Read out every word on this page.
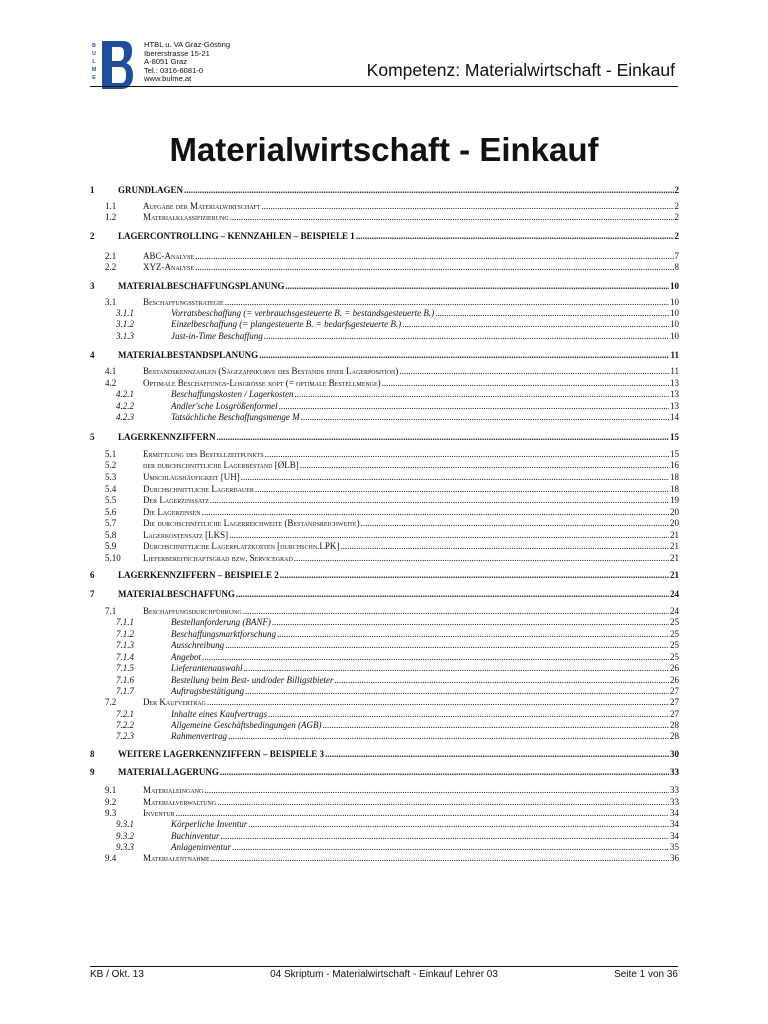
B
U
L
M
E
HTBL u. VA Graz-Gösting
Ibererstrasse 15-21
A-8051 Graz
Tel.: 0316-6081-0
www.bulme.at	Kompetenz: Materialwirtschaft - Einkauf
Materialwirtschaft - Einkauf
1	GRUNDLAGEN .....	2
1.1	Aufgabe der Materialwirtschaft .....	2
1.2	Materialklassifizierung .....	2
2	LAGERCONTROLLING – KENNZAHLEN – BEISPIELE 1 .....	2
2.1	ABC-Analyse .....	7
2.2	XYZ-Analyse .....	8
3	MATERIALBESCHAFFUNGSPLANUNG .....	10
3.1	Beschaffungsstrategie .....	10
3.1.1	Vorratsbeschaffung (= verbrauchsgesteuerte B. = bestandsgesteuerte B.) .....	10
3.1.2	Einzelbeschaffung (= plangesteuerte B. = bedarfsgesteuerte B.) .....	10
3.1.3	Just-in-Time Beschaffung .....	10
4	MATERIALBESTANDSPLANUNG .....	11
4.1	Bestandskennzahlen (Sägezahnkurve des Bestands einer Lagerposition) .....	11
4.2	Optimale Beschaffungs-Losgröße xopt (= optimale Bestellmenge) .....	13
4.2.1	Beschaffungskosten / Lagerkosten .....	13
4.2.2	Andler'sche Losgrößenformel .....	13
4.2.3	Tatsächliche Beschaffungsmenge M .....	14
5	LAGERKENNZIFFERN .....	15
5.1	Ermittlung des Bestellzeitpunkts .....	15
5.2	der durchschnittliche Lagerbestand [ØLB] .....	16
5.3	Umschlagshäufigkeit [UH] .....	18
5.4	Durchschnittliche Lagerdauer .....	18
5.5	Der Lagerzinssatz .....	19
5.6	Die Lagerzinsen .....	20
5.7	Die durchschnittliche Lagerreichweite (Bestandsreichweite) .....	20
5.8	Lagerkostensatz [LKS] .....	21
5.9	Durchschnittliche Lagerplatzkosten [durchschn.LPK] .....	21
5.10 Lieferbereitschaftsgrad bzw. Servicegrad .....	21
6	LAGERKENNZIFFERN – BEISPIELE 2 .....	21
7	MATERIALBESCHAFFUNG .....	24
7.1	Beschaffungsdurchführung .....	24
7.1.1	Bestellanforderung (BANF) .....	25
7.1.2	Beschaffungsmarktforschung .....	25
7.1.3	Ausschreibung .....	25
7.1.4	Angebot .....	25
7.1.5	Lieferantenauswahl .....	26
7.1.6	Bestellung beim Best- und/oder Billigstbieter .....	26
7.1.7	Auftragsbestätigung .....	27
7.2	Der Kaufvertrag .....	27
7.2.1	Inhalte eines Kaufvertrags .....	27
7.2.2	Allgemeine Geschäftsbedingungen (AGB) .....	28
7.2.3	Rahmenvertrag .....	28
8	WEITERE LAGERKENNZIFFERN – BEISPIELE 3 .....	30
9	MATERIALLAGERUNG .....	33
9.1	Materialeingang .....	33
9.2	Materialverwaltung .....	33
9.3	Inventur .....	34
9.3.1	Körperliche Inventur .....	34
9.3.2	Buchinventur .....	34
9.3.3	Anlageninventur .....	35
9.4	Materialentnahme .....	36
KB / Okt. 13	04 Skriptum - Materialwirtschaft - Einkauf Lehrer 03	Seite 1 von 36
